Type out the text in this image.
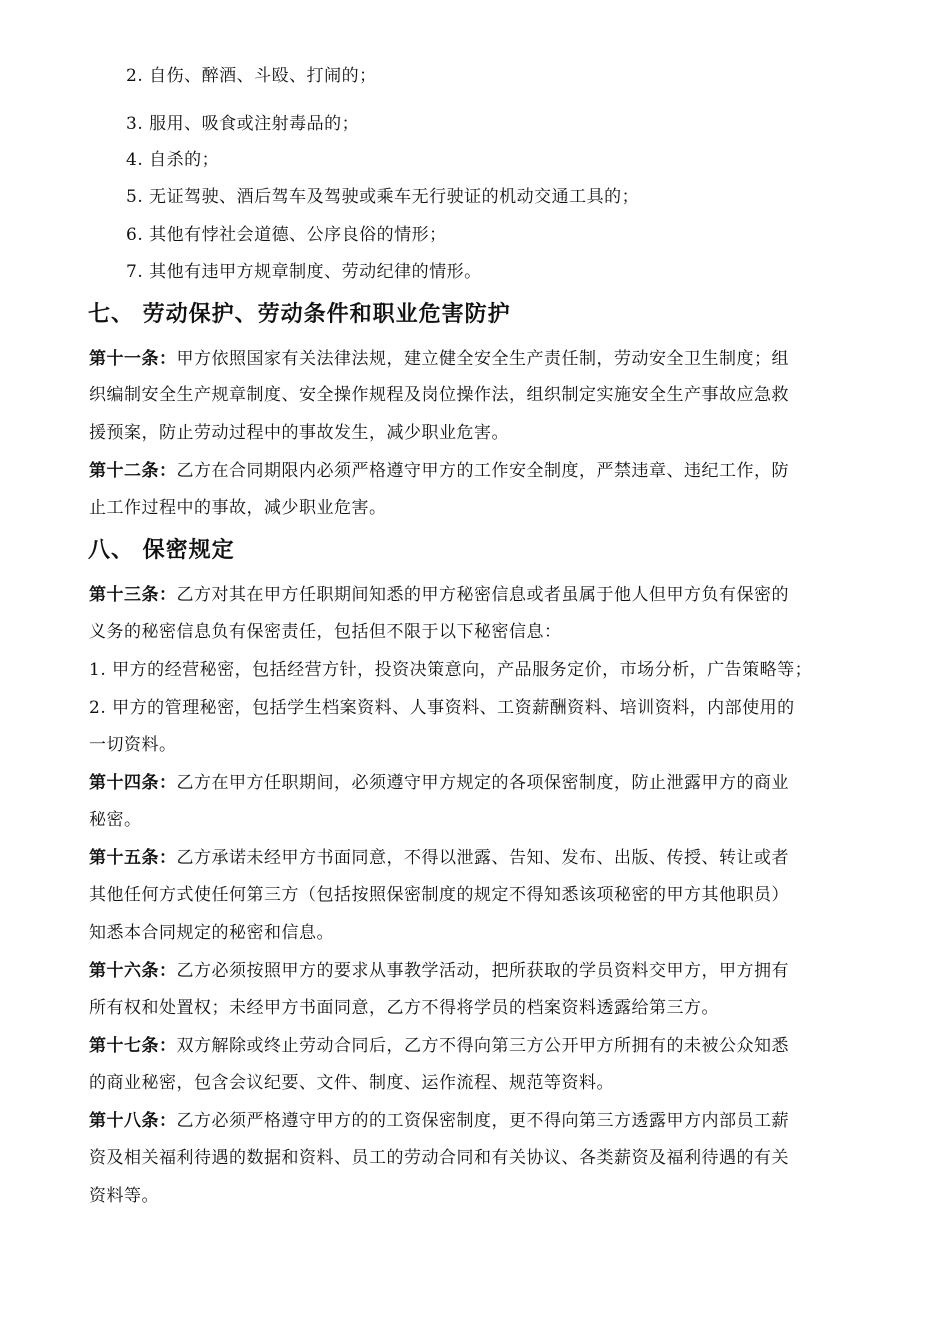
2. 自伤、醉酒、斗殴、打闹的；
3. 服用、吸食或注射毒品的；
4. 自杀的；
5. 无证驾驶、酒后驾车及驾驶或乘车无行驶证的机动交通工具的；
6. 其他有悖社会道德、公序良俗的情形；
7. 其他有违甲方规章制度、劳动纪律的情形。
七、 劳动保护、劳动条件和职业危害防护
第十一条：甲方依照国家有关法律法规，建立健全安全生产责任制，劳动安全卫生制度；组
织编制安全生产规章制度、安全操作规程及岗位操作法，组织制定实施安全生产事故应急救
援预案，防止劳动过程中的事故发生，减少职业危害。
第十二条：乙方在合同期限内必须严格遵守甲方的工作安全制度，严禁违章、违纪工作，防
止工作过程中的事故，减少职业危害。
八、 保密规定
第十三条：乙方对其在甲方任职期间知悉的甲方秘密信息或者虽属于他人但甲方负有保密的
义务的秘密信息负有保密责任，包括但不限于以下秘密信息：
1. 甲方的经营秘密，包括经营方针，投资决策意向，产品服务定价，市场分析，广告策略等；
2. 甲方的管理秘密，包括学生档案资料、人事资料、工资薪酬资料、培训资料，内部使用的
一切资料。
第十四条：乙方在甲方任职期间，必须遵守甲方规定的各项保密制度，防止泄露甲方的商业
秘密。
第十五条：乙方承诺未经甲方书面同意，不得以泄露、告知、发布、出版、传授、转让或者
其他任何方式使任何第三方（包括按照保密制度的规定不得知悉该项秘密的甲方其他职员）
知悉本合同规定的秘密和信息。
第十六条：乙方必须按照甲方的要求从事教学活动，把所获取的学员资料交甲方，甲方拥有
所有权和处置权；未经甲方书面同意，乙方不得将学员的档案资料透露给第三方。
第十七条：双方解除或终止劳动合同后，乙方不得向第三方公开甲方所拥有的未被公众知悉
的商业秘密，包含会议纪要、文件、制度、运作流程、规范等资料。
第十八条：乙方必须严格遵守甲方的的工资保密制度，更不得向第三方透露甲方内部员工薪
资及相关福利待遇的数据和资料、员工的劳动合同和有关协议、各类薪资及福利待遇的有关
资料等。
